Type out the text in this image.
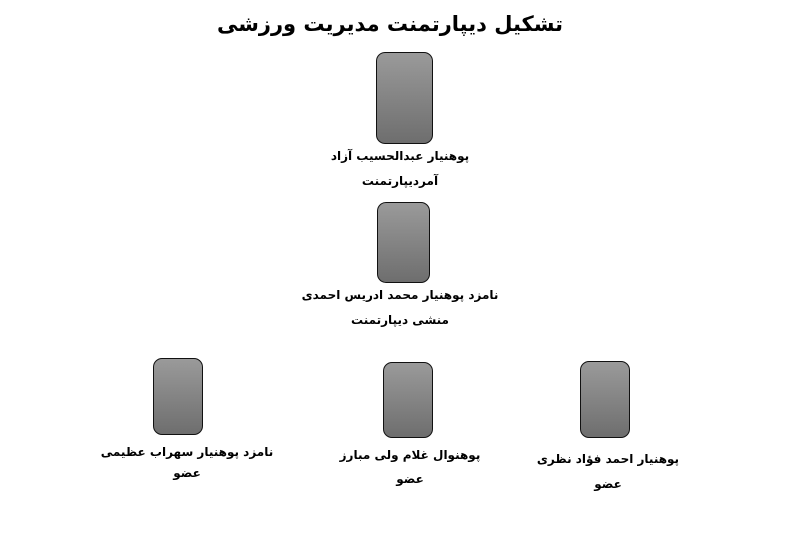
تشکیل دیپارتمنت مدیریت ورزشی
پوهنیار عبدالحسیب آزاد
آمردیپارتمنت
نامزد پوهنیار محمد ادریس احمدی
منشی دیپارتمنت
نامزد پوهنیار سهراب عظیمی
عضو
پوهنوال غلام ولی مبارز
عضو
پوهنیار احمد فؤاد نظری
عضو
